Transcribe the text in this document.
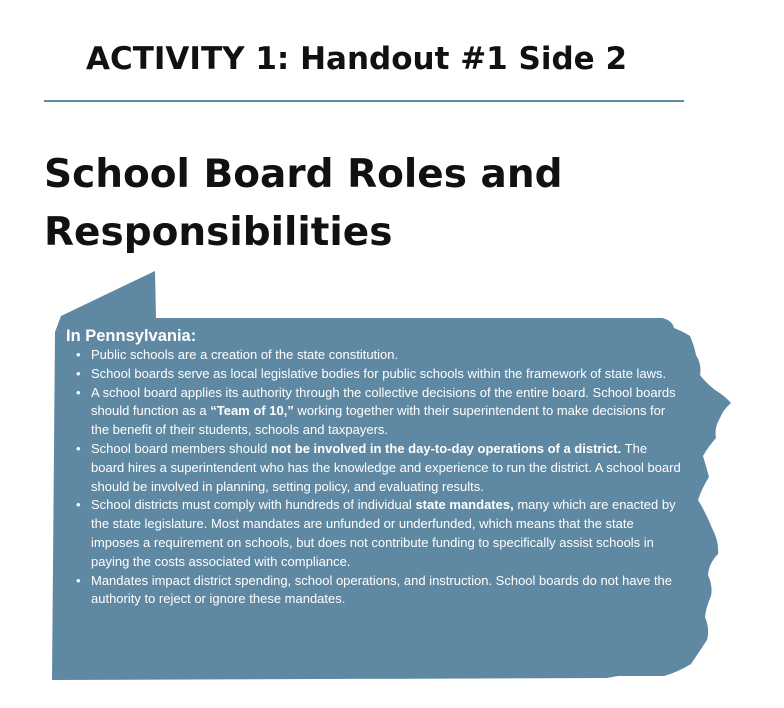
ACTIVITY 1: Handout #1 Side 2
School Board Roles and
Responsibilities
In Pennsylvania:
• Public schools are a creation of the state constitution.
• School boards serve as local legislative bodies for public schools within the framework of state laws.
• A school board applies its authority through the collective decisions of the entire board. School boards should function as a “Team of 10,” working together with their superintendent to make decisions for the benefit of their students, schools and taxpayers.
• School board members should not be involved in the day-to-day operations of a district. The board hires a superintendent who has the knowledge and experience to run the district. A school board should be involved in planning, setting policy, and evaluating results.
• School districts must comply with hundreds of individual state mandates, many which are enacted by the state legislature. Most mandates are unfunded or underfunded, which means that the state imposes a requirement on schools, but does not contribute funding to specifically assist schools in paying the costs associated with compliance.
• Mandates impact district spending, school operations, and instruction. School boards do not have the authority to reject or ignore these mandates.
